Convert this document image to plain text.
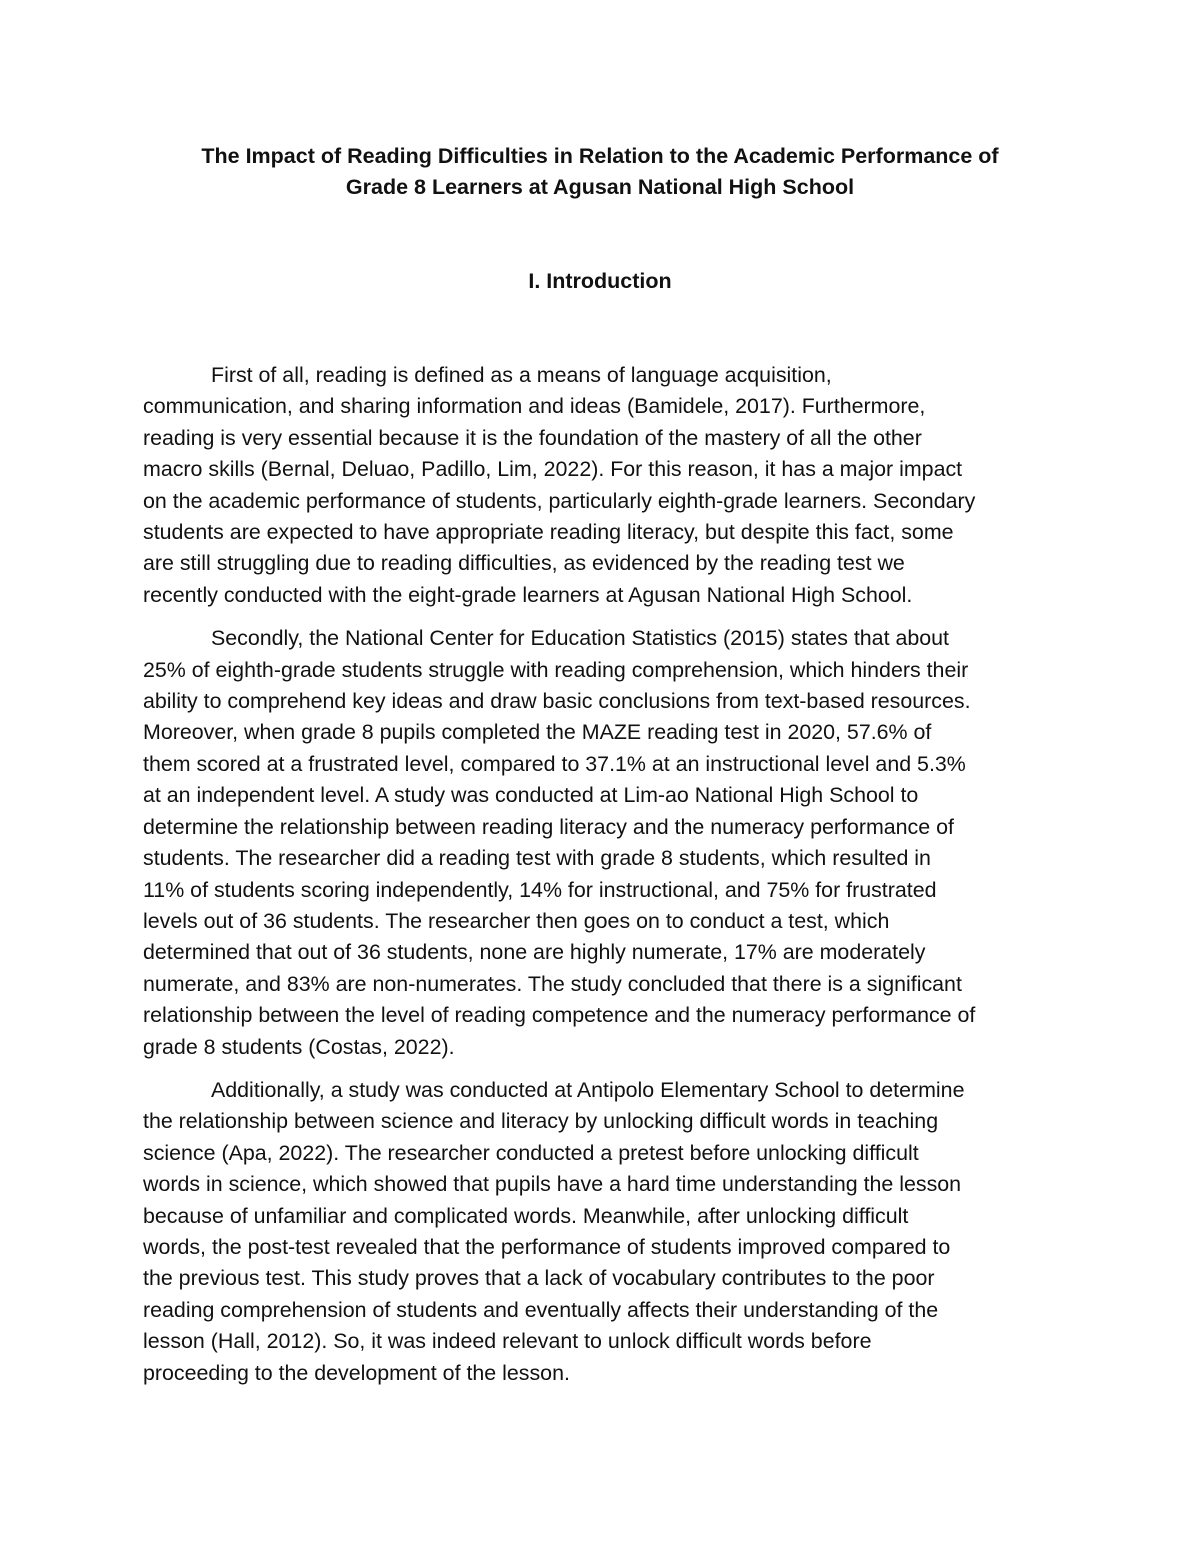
The Impact of Reading Difficulties in Relation to the Academic Performance of
Grade 8 Learners at Agusan National High School
I. Introduction

First of all, reading is defined as a means of language acquisition,
communication, and sharing information and ideas (Bamidele, 2017). Furthermore,
reading is very essential because it is the foundation of the mastery of all the other
macro skills (Bernal, Deluao, Padillo, Lim, 2022). For this reason, it has a major impact
on the academic performance of students, particularly eighth-grade learners. Secondary
students are expected to have appropriate reading literacy, but despite this fact, some
are still struggling due to reading difficulties, as evidenced by the reading test we
recently conducted with the eight-grade learners at Agusan National High School.

Secondly, the National Center for Education Statistics (2015) states that about
25% of eighth-grade students struggle with reading comprehension, which hinders their
ability to comprehend key ideas and draw basic conclusions from text-based resources.
Moreover, when grade 8 pupils completed the MAZE reading test in 2020, 57.6% of
them scored at a frustrated level, compared to 37.1% at an instructional level and 5.3%
at an independent level. A study was conducted at Lim-ao National High School to
determine the relationship between reading literacy and the numeracy performance of
students. The researcher did a reading test with grade 8 students, which resulted in
11% of students scoring independently, 14% for instructional, and 75% for frustrated
levels out of 36 students. The researcher then goes on to conduct a test, which
determined that out of 36 students, none are highly numerate, 17% are moderately
numerate, and 83% are non-numerates. The study concluded that there is a significant
relationship between the level of reading competence and the numeracy performance of
grade 8 students (Costas, 2022).

Additionally, a study was conducted at Antipolo Elementary School to determine
the relationship between science and literacy by unlocking difficult words in teaching
science (Apa, 2022). The researcher conducted a pretest before unlocking difficult
words in science, which showed that pupils have a hard time understanding the lesson
because of unfamiliar and complicated words. Meanwhile, after unlocking difficult
words, the post-test revealed that the performance of students improved compared to
the previous test. This study proves that a lack of vocabulary contributes to the poor
reading comprehension of students and eventually affects their understanding of the
lesson (Hall, 2012). So, it was indeed relevant to unlock difficult words before
proceeding to the development of the lesson.
